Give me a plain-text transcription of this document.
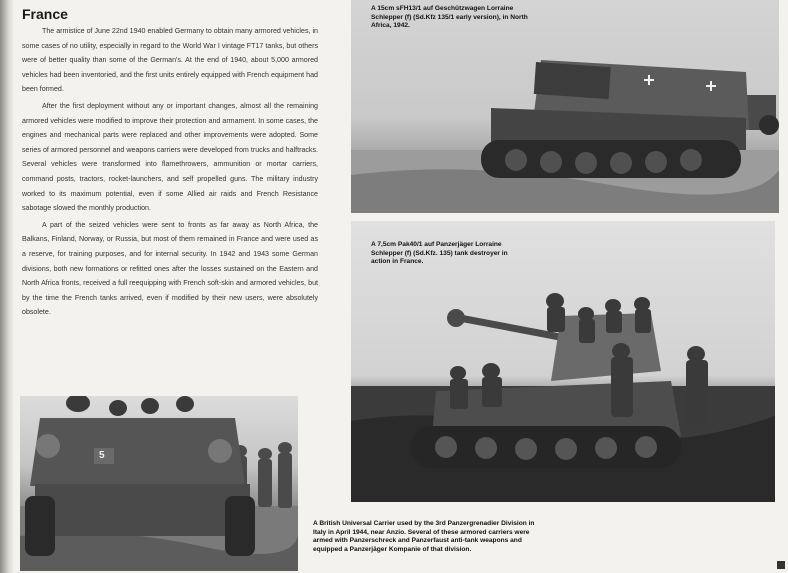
France

The armistice of June 22nd 1940 enabled Germany to obtain many armored vehicles, in some cases of no utility, especially in regard to the World War I vintage FT17 tanks, but others were of better quality than some of the German's. At the end of 1940, about 5,000 armored vehicles had been inventoried, and the first units entirely equipped with French equipment had been formed.

After the first deployment without any or important changes, almost all the remaining armored vehicles were modified to improve their protection and armament. In some cases, the engines and mechanical parts were replaced and other improvements were adopted. Some series of armored personnel and weapons carriers were developed from trucks and halftracks. Several vehicles were transformed into flamethrowers, ammunition or mortar carriers, command posts, tractors, rocket-launchers, and self propelled guns. The military industry worked to its maximum potential, even if some Allied air raids and French Resistance sabotage slowed the monthly production.

A part of the seized vehicles were sent to fronts as far away as North Africa, the Balkans, Finland, Norway, or Russia, but most of them remained in France and were used as a reserve, for training purposes, and for internal security. In 1942 and 1943 some German divisions, both new formations or refitted ones after the losses sustained on the Eastern and North Africa fronts, received a full reequipping with French soft-skin and armored vehicles, but by the time the French tanks arrived, even if modified by their new users, were absolutely obsolete.

A 15cm sFH13/1 auf Geschützwagen Lorraine Schlepper (f) (Sd.Kfz 135/1 early version), in North Africa, 1942.
A 7,5cm Pak40/1 auf Panzerjäger Lorraine Schlepper (f) (Sd.Kfz. 135) tank destroyer in action in France.
5
A British Universal Carrier used by the 3rd Panzergrenadier Division in Italy in April 1944, near Anzio. Several of these armored carriers were armed with Panzerschreck and Panzerfaust anti-tank weapons and equipped a Panzerjäger Kompanie of that division.
